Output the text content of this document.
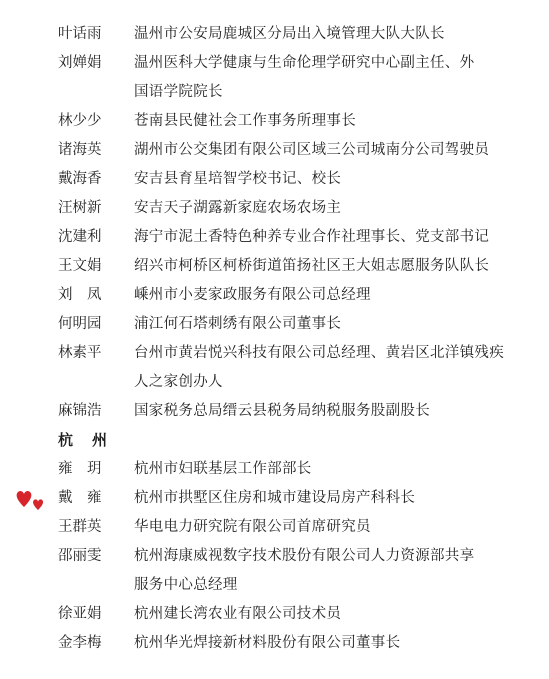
叶话雨	温州市公安局鹿城区分局出入境管理大队大队长
刘婵娟	温州医科大学健康与生命伦理学研究中心副主任、外国语学院院长
林少少	苍南县民健社会工作事务所理事长
诸海英	湖州市公交集团有限公司区域三公司城南分公司驾驶员
戴海香	安吉县育星培智学校书记、校长
汪树新	安吉天子湖露新家庭农场农场主
沈建利	海宁市泥土香特色种养专业合作社理事长、党支部书记
王文娟	绍兴市柯桥区柯桥街道笛扬社区王大姐志愿服务队队长
刘　凤	嵊州市小麦家政服务有限公司总经理
何明园	浦江何石塔刺绣有限公司董事长
林素平	台州市黄岩悦兴科技有限公司总经理、黄岩区北洋镇残疾人之家创办人
麻锦浩	国家税务总局缙云县税务局纳税服务股副股长
杭　州
雍　玥	杭州市妇联基层工作部部长
戴　雍	杭州市拱墅区住房和城市建设局房产科科长
王群英	华电电力研究院有限公司首席研究员
邵丽雯	杭州海康威视数字技术股份有限公司人力资源部共享服务中心总经理
徐亚娟	杭州建长湾农业有限公司技术员
金李梅	杭州华光焊接新材料股份有限公司董事长
